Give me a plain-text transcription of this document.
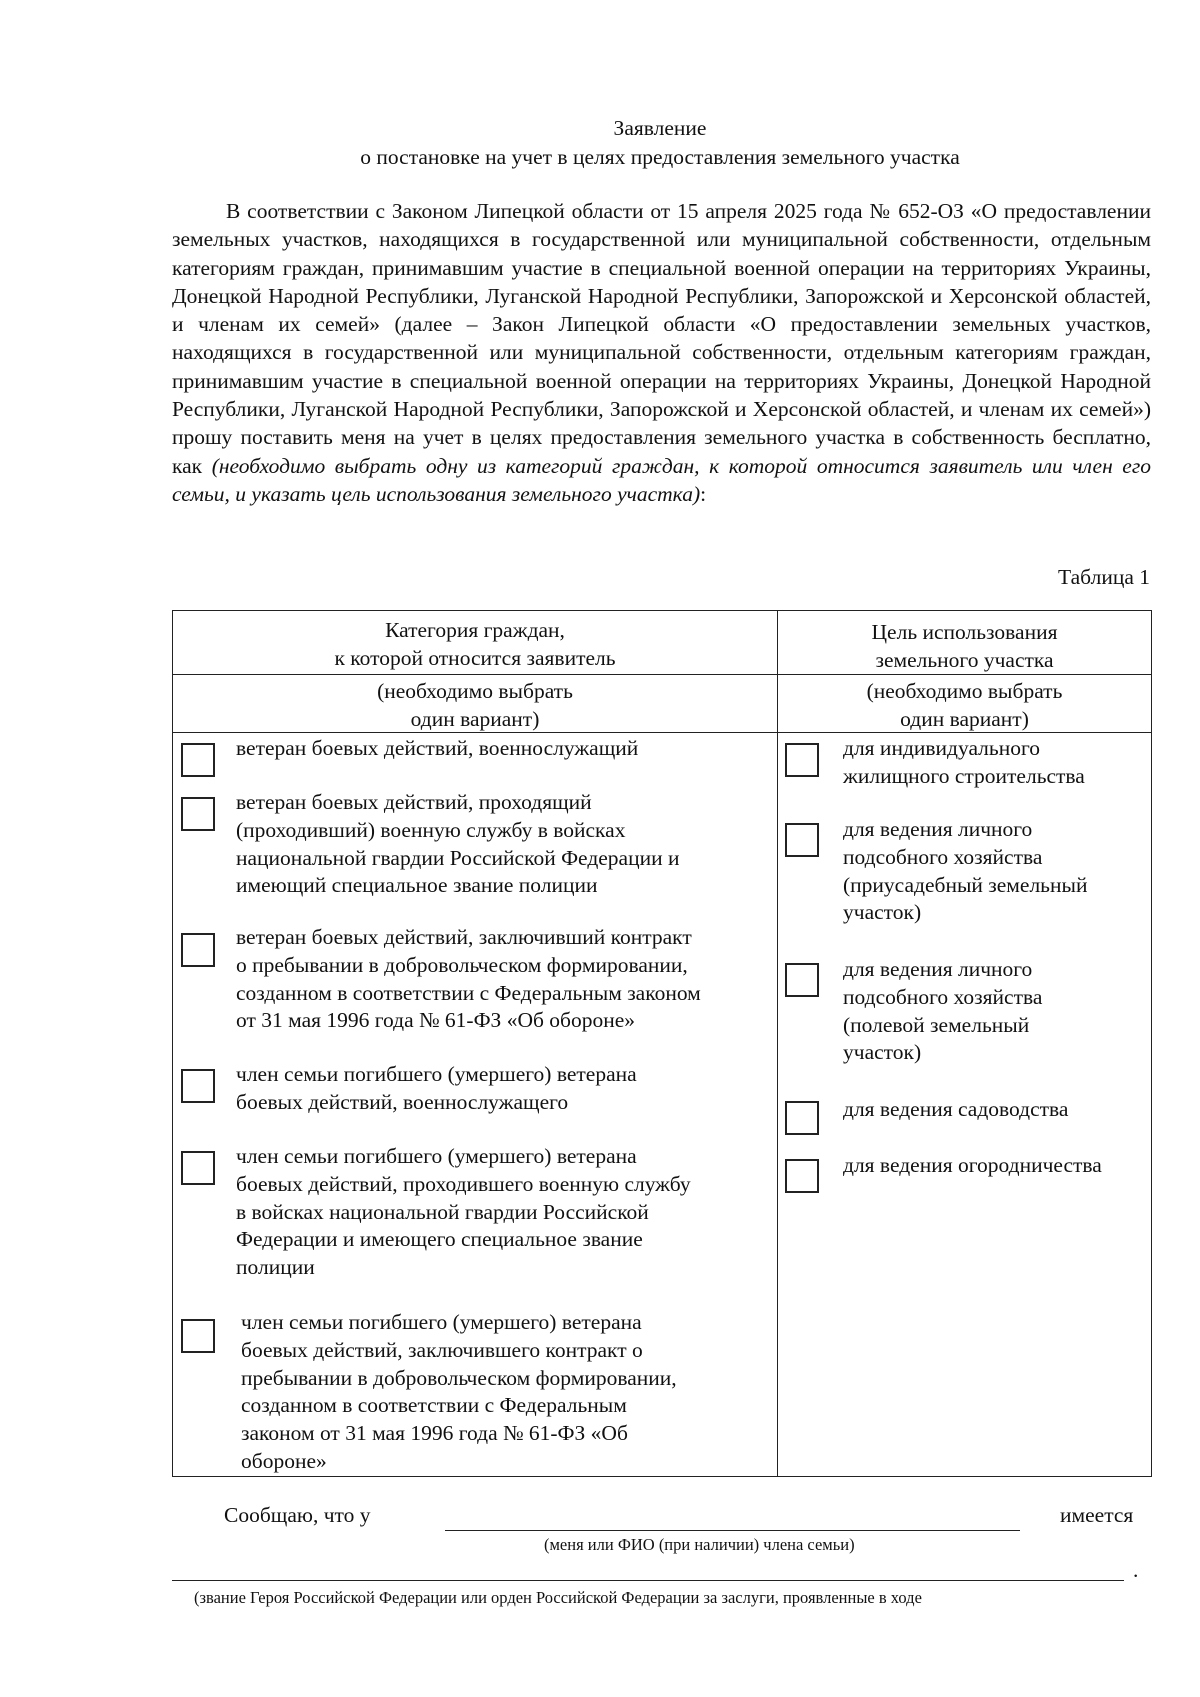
Заявление
о постановке на учет в целях предоставления земельного участка

В соответствии с Законом Липецкой области от 15 апреля 2025 года № 652-ОЗ «О предоставлении земельных участков, находящихся в государственной или муниципальной собственности, отдельным категориям граждан, принимавшим участие в специальной военной операции на территориях Украины, Донецкой Народной Республики, Луганской Народной Республики, Запорожской и Херсонской областей, и членам их семей» (далее – Закон Липецкой области «О предоставлении земельных участков, находящихся в государственной или муниципальной собственности, отдельным категориям граждан, принимавшим участие в специальной военной операции на территориях Украины, Донецкой Народной Республики, Луганской Народной Республики, Запорожской и Херсонской областей, и членам их семей») прошу поставить меня на учет в целях предоставления земельного участка в собственность бесплатно, как (необходимо выбрать одну из категорий граждан, к которой относится заявитель или член его семьи, и указать цель использования земельного участка):

Таблица 1
Категория граждан,
к которой относится заявитель
Цель использования
земельного участка
(необходимо выбрать
один вариант)
(необходимо выбрать
один вариант)
ветеран боевых действий, военнослужащий
ветеран боевых действий, проходящий
(проходивший) военную службу в войсках
национальной гвардии Российской Федерации и
имеющий специальное звание полиции
ветеран боевых действий, заключивший контракт
о пребывании в добровольческом формировании,
созданном в соответствии с Федеральным законом
от 31 мая 1996 года № 61-ФЗ «Об обороне»
член семьи погибшего (умершего) ветерана
боевых действий, военнослужащего
член семьи погибшего (умершего) ветерана
боевых действий, проходившего военную службу
в войсках национальной гвардии Российской
Федерации и имеющего специальное звание
полиции
член семьи погибшего (умершего) ветерана
боевых действий, заключившего контракт о
пребывании в добровольческом формировании,
созданном в соответствии с Федеральным
законом от 31 мая 1996 года № 61-ФЗ «Об
обороне»
для индивидуального
жилищного строительства
для ведения личного
подсобного хозяйства
(приусадебный земельный
участок)
для ведения личного
подсобного хозяйства
(полевой земельный
участок)
для ведения садоводства
для ведения огородничества
Сообщаю, что у	имеется
(меня или ФИО (при наличии) члена семьи)
.
(звание Героя Российской Федерации или орден Российской Федерации за заслуги, проявленные в ходе
